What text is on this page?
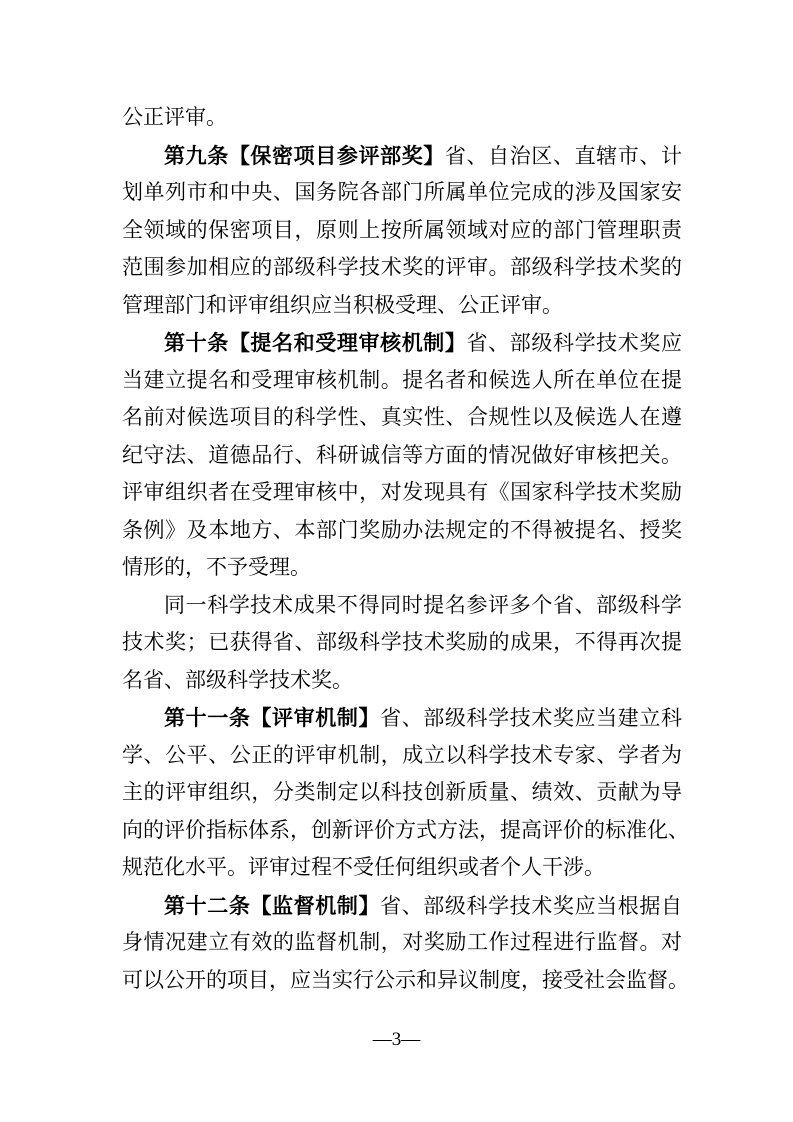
公正评审。
第九条【保密项目参评部奖】省、自治区、直辖市、计
划单列市和中央、国务院各部门所属单位完成的涉及国家安
全领域的保密项目，原则上按所属领域对应的部门管理职责
范围参加相应的部级科学技术奖的评审。部级科学技术奖的
管理部门和评审组织应当积极受理、公正评审。
第十条【提名和受理审核机制】省、部级科学技术奖应
当建立提名和受理审核机制。提名者和候选人所在单位在提
名前对候选项目的科学性、真实性、合规性以及候选人在遵
纪守法、道德品行、科研诚信等方面的情况做好审核把关。
评审组织者在受理审核中，对发现具有《国家科学技术奖励
条例》及本地方、本部门奖励办法规定的不得被提名、授奖
情形的，不予受理。
同一科学技术成果不得同时提名参评多个省、部级科学
技术奖；已获得省、部级科学技术奖励的成果，不得再次提
名省、部级科学技术奖。
第十一条【评审机制】省、部级科学技术奖应当建立科
学、公平、公正的评审机制，成立以科学技术专家、学者为
主的评审组织，分类制定以科技创新质量、绩效、贡献为导
向的评价指标体系，创新评价方式方法，提高评价的标准化、
规范化水平。评审过程不受任何组织或者个人干涉。
第十二条【监督机制】省、部级科学技术奖应当根据自
身情况建立有效的监督机制，对奖励工作过程进行监督。对
可以公开的项目，应当实行公示和异议制度，接受社会监督。
—3—
